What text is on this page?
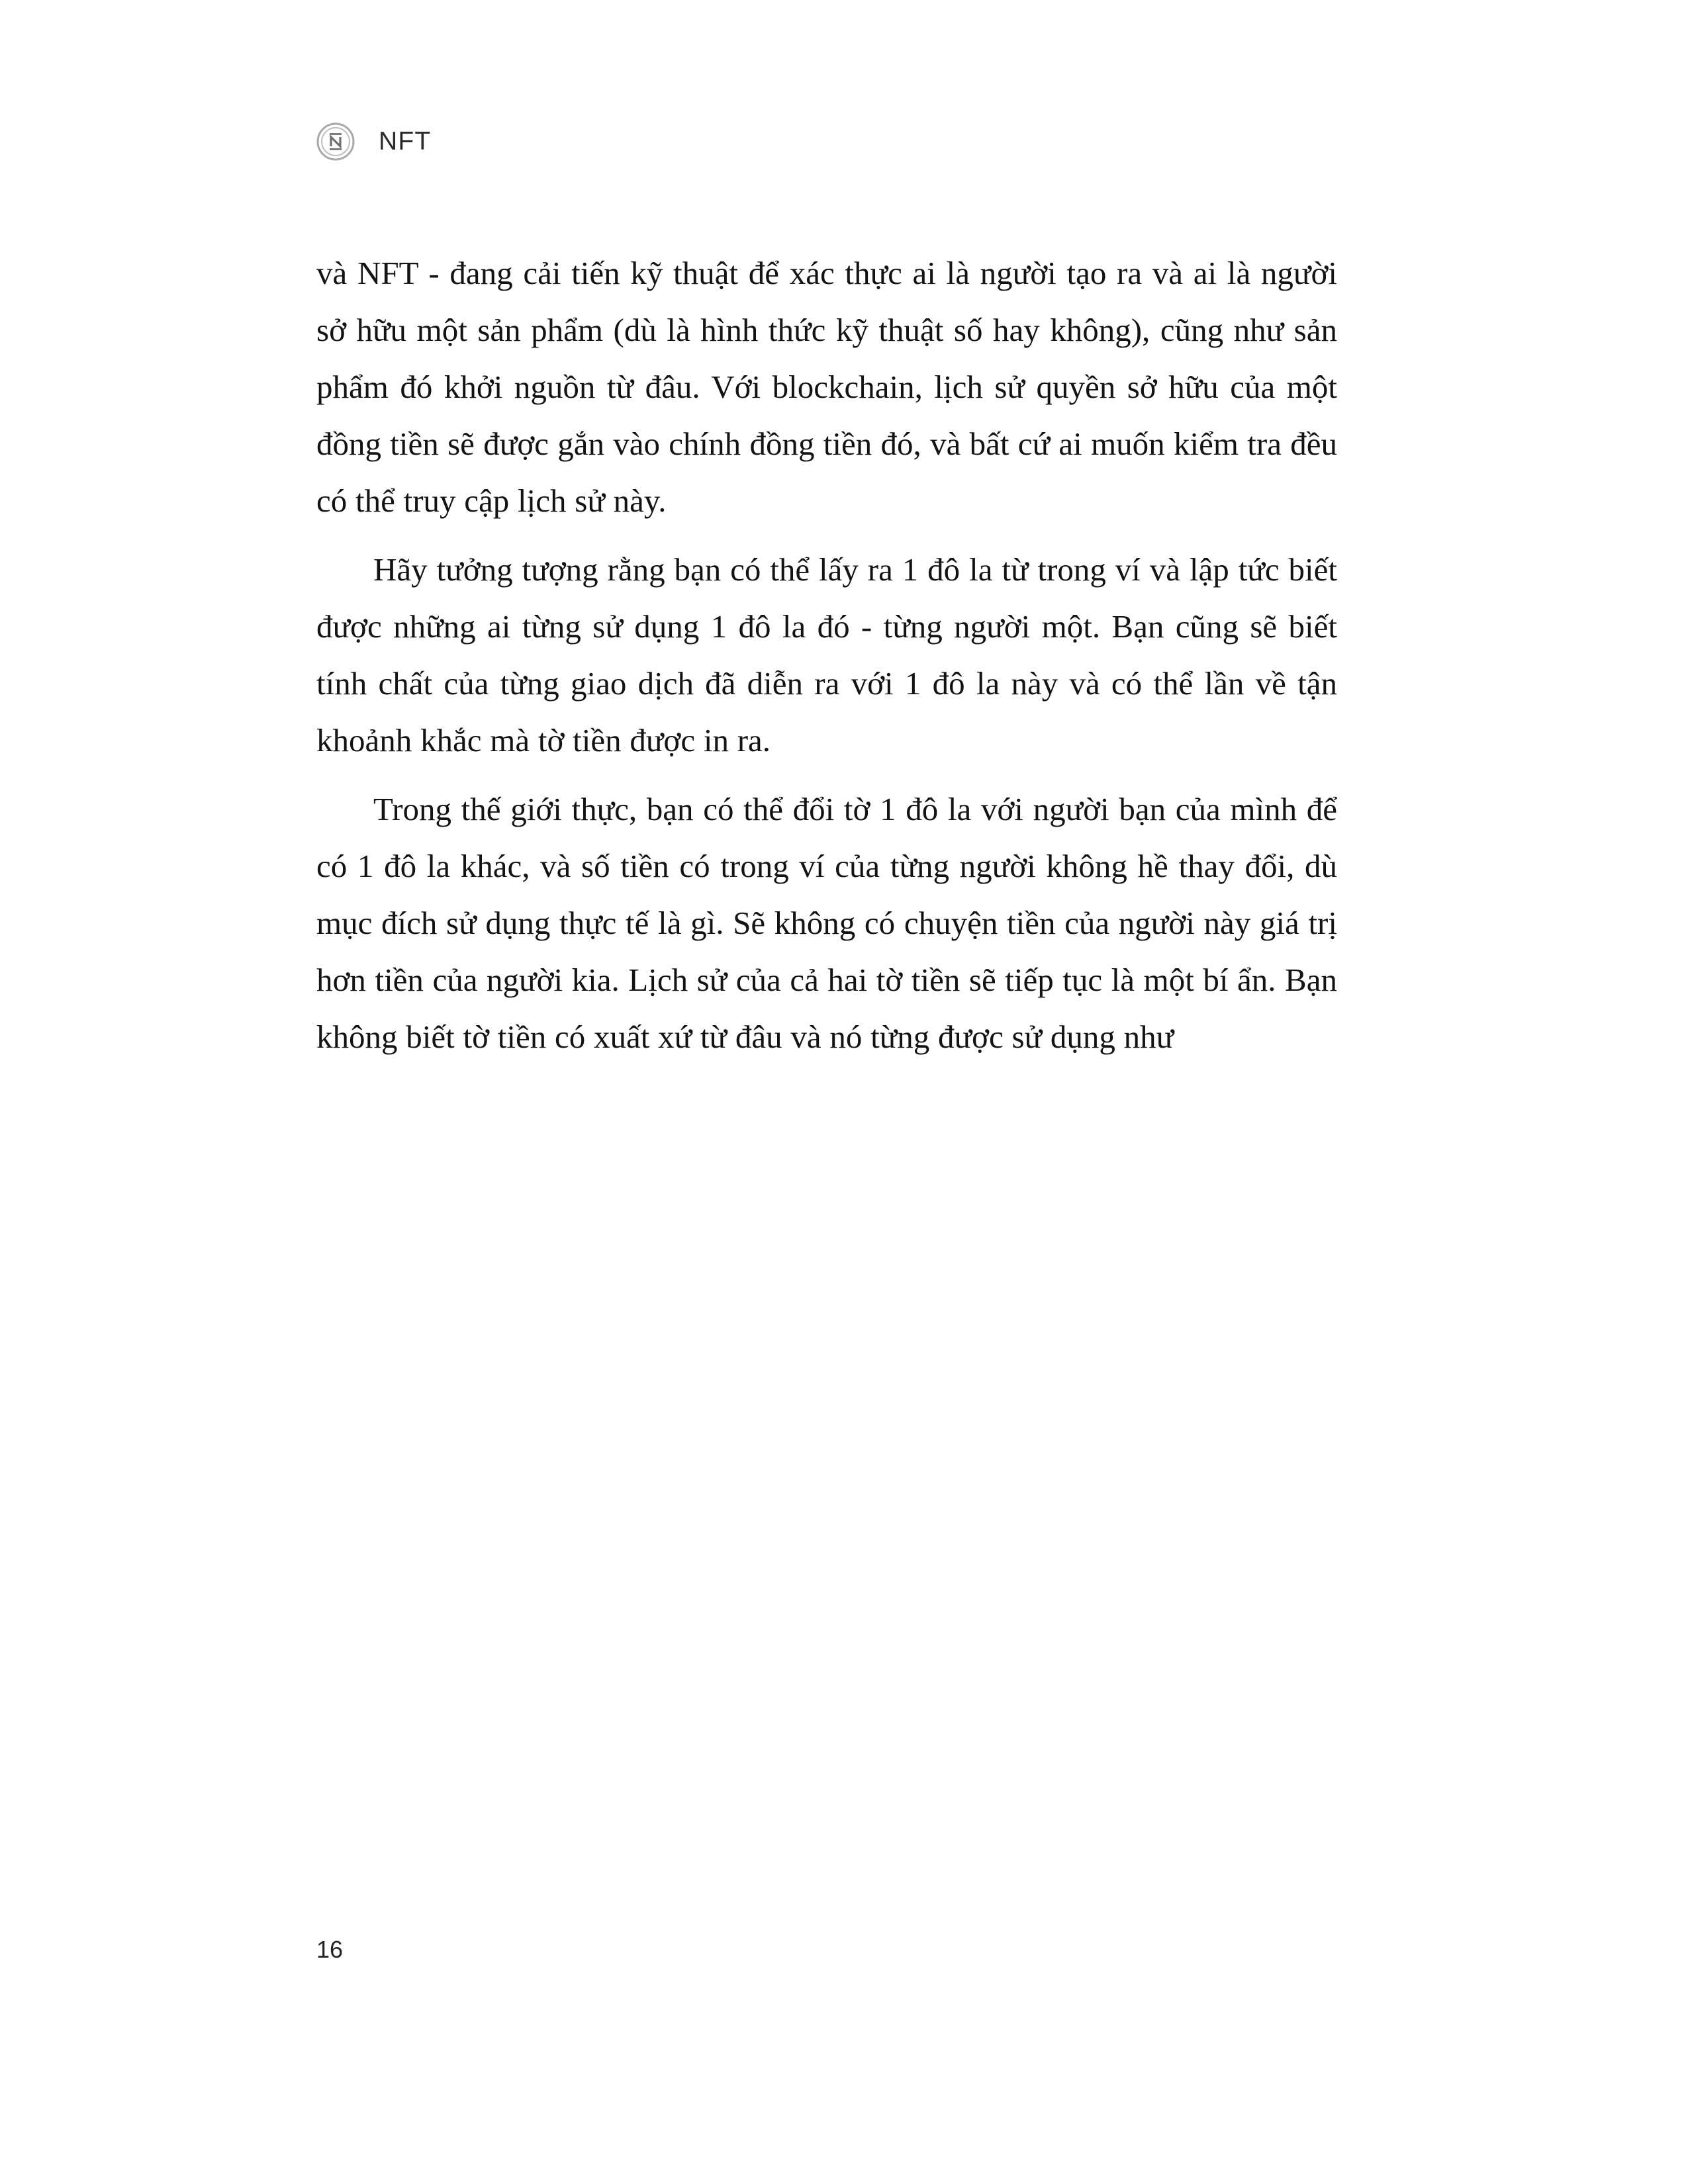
NFT

và NFT - đang cải tiến kỹ thuật để xác thực ai là người tạo ra và ai là người sở hữu một sản phẩm (dù là hình thức kỹ thuật số hay không), cũng như sản phẩm đó khởi nguồn từ đâu. Với blockchain, lịch sử quyền sở hữu của một đồng tiền sẽ được gắn vào chính đồng tiền đó, và bất cứ ai muốn kiểm tra đều có thể truy cập lịch sử này.

Hãy tưởng tượng rằng bạn có thể lấy ra 1 đô la từ trong ví và lập tức biết được những ai từng sử dụng 1 đô la đó - từng người một. Bạn cũng sẽ biết tính chất của từng giao dịch đã diễn ra với 1 đô la này và có thể lần về tận khoảnh khắc mà tờ tiền được in ra.

Trong thế giới thực, bạn có thể đổi tờ 1 đô la với người bạn của mình để có 1 đô la khác, và số tiền có trong ví của từng người không hề thay đổi, dù mục đích sử dụng thực tế là gì. Sẽ không có chuyện tiền của người này giá trị hơn tiền của người kia. Lịch sử của cả hai tờ tiền sẽ tiếp tục là một bí ẩn. Bạn không biết tờ tiền có xuất xứ từ đâu và nó từng được sử dụng như

16
